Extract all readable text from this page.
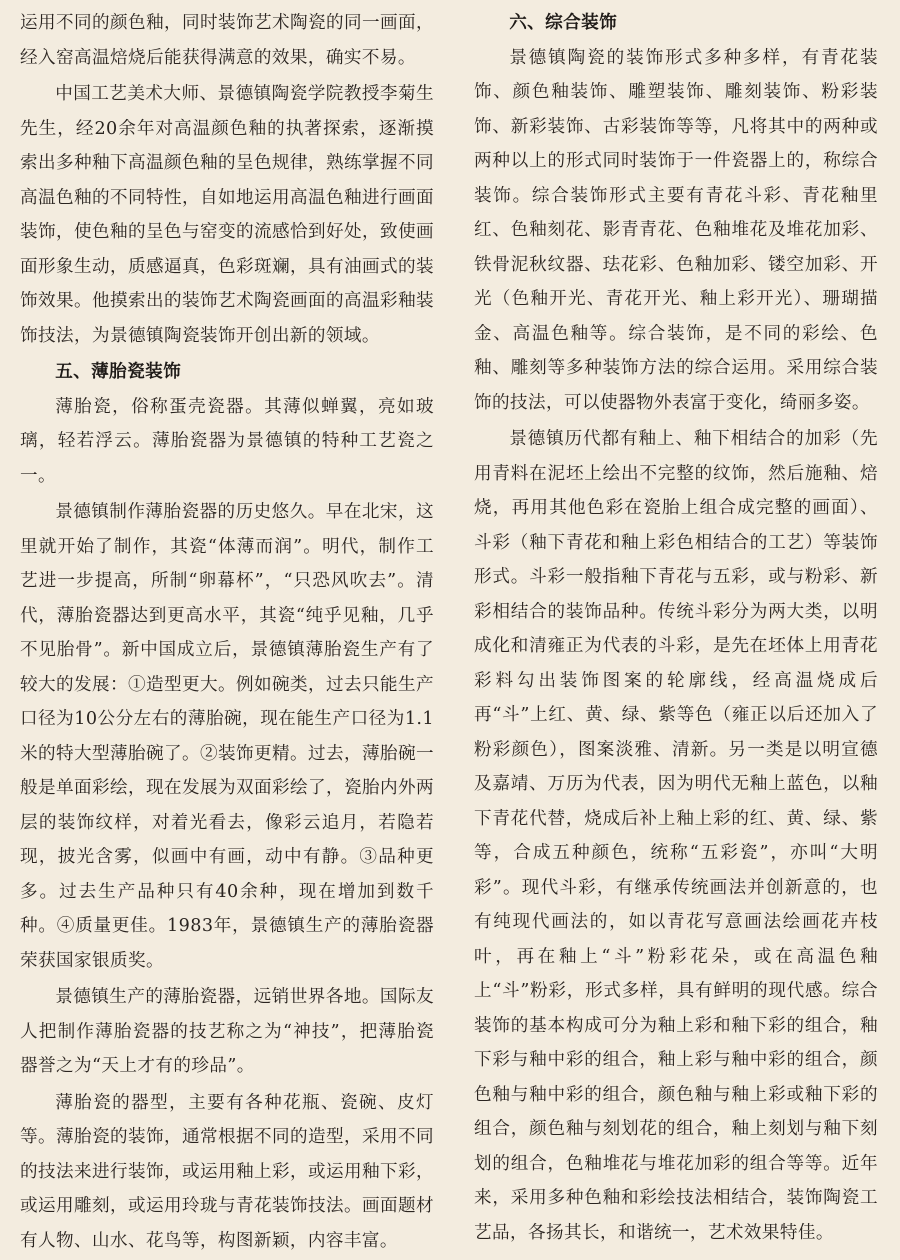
运用不同的颜色釉，同时装饰艺术陶瓷的同一画面，经入窑高温焙烧后能获得满意的效果，确实不易。

中国工艺美术大师、景德镇陶瓷学院教授李菊生先生，经20余年对高温颜色釉的执著探索，逐渐摸索出多种釉下高温颜色釉的呈色规律，熟练掌握不同高温色釉的不同特性，自如地运用高温色釉进行画面装饰，使色釉的呈色与窑变的流感恰到好处，致使画面形象生动，质感逼真，色彩斑斓，具有油画式的装饰效果。他摸索出的装饰艺术陶瓷画面的高温彩釉装饰技法，为景德镇陶瓷装饰开创出新的领域。

五、薄胎瓷装饰

薄胎瓷，俗称蛋壳瓷器。其薄似蝉翼，亮如玻璃，轻若浮云。薄胎瓷器为景德镇的特种工艺瓷之一。

景德镇制作薄胎瓷器的历史悠久。早在北宋，这里就开始了制作，其瓷“体薄而润”。明代，制作工艺进一步提高，所制“卵幕杯”，“只恐风吹去”。清代，薄胎瓷器达到更高水平，其瓷“纯乎见釉，几乎不见胎骨”。新中国成立后，景德镇薄胎瓷生产有了较大的发展：①造型更大。例如碗类，过去只能生产口径为10公分左右的薄胎碗，现在能生产口径为1.1米的特大型薄胎碗了。②装饰更精。过去，薄胎碗一般是单面彩绘，现在发展为双面彩绘了，瓷胎内外两层的装饰纹样，对着光看去，像彩云追月，若隐若现，披光含雾，似画中有画，动中有静。③品种更多。过去生产品种只有40余种，现在增加到数千种。④质量更佳。1983年，景德镇生产的薄胎瓷器荣获国家银质奖。

景德镇生产的薄胎瓷器，远销世界各地。国际友人把制作薄胎瓷器的技艺称之为“神技”，把薄胎瓷器誉之为“天上才有的珍品”。

薄胎瓷的器型，主要有各种花瓶、瓷碗、皮灯等。薄胎瓷的装饰，通常根据不同的造型，采用不同的技法来进行装饰，或运用釉上彩，或运用釉下彩，或运用雕刻，或运用玲珑与青花装饰技法。画面题材有人物、山水、花鸟等，构图新颖，内容丰富。

六、综合装饰

景德镇陶瓷的装饰形式多种多样，有青花装饰、颜色釉装饰、雕塑装饰、雕刻装饰、粉彩装饰、新彩装饰、古彩装饰等等，凡将其中的两种或两种以上的形式同时装饰于一件瓷器上的，称综合装饰。综合装饰形式主要有青花斗彩、青花釉里红、色釉刻花、影青青花、色釉堆花及堆花加彩、铁骨泥秋纹器、珐花彩、色釉加彩、镂空加彩、开光（色釉开光、青花开光、釉上彩开光）、珊瑚描金、高温色釉等。综合装饰，是不同的彩绘、色釉、雕刻等多种装饰方法的综合运用。采用综合装饰的技法，可以使器物外表富于变化，绮丽多姿。

景德镇历代都有釉上、釉下相结合的加彩（先用青料在泥坯上绘出不完整的纹饰，然后施釉、焙烧，再用其他色彩在瓷胎上组合成完整的画面）、斗彩（釉下青花和釉上彩色相结合的工艺）等装饰形式。斗彩一般指釉下青花与五彩，或与粉彩、新彩相结合的装饰品种。传统斗彩分为两大类，以明成化和清雍正为代表的斗彩，是先在坯体上用青花彩料勾出装饰图案的轮廓线，经高温烧成后再“斗”上红、黄、绿、紫等色（雍正以后还加入了粉彩颜色），图案淡雅、清新。另一类是以明宣德及嘉靖、万历为代表，因为明代无釉上蓝色，以釉下青花代替，烧成后补上釉上彩的红、黄、绿、紫等，合成五种颜色，统称“五彩瓷”，亦叫“大明彩”。现代斗彩，有继承传统画法并创新意的，也有纯现代画法的，如以青花写意画法绘画花卉枝叶，再在釉上“斗”粉彩花朵，或在高温色釉上“斗”粉彩，形式多样，具有鲜明的现代感。综合装饰的基本构成可分为釉上彩和釉下彩的组合，釉下彩与釉中彩的组合，釉上彩与釉中彩的组合，颜色釉与釉中彩的组合，颜色釉与釉上彩或釉下彩的组合，颜色釉与刻划花的组合，釉上刻划与釉下刻划的组合，色釉堆花与堆花加彩的组合等等。近年来，采用多种色釉和彩绘技法相结合，装饰陶瓷工艺品，各扬其长，和谐统一，艺术效果特佳。
